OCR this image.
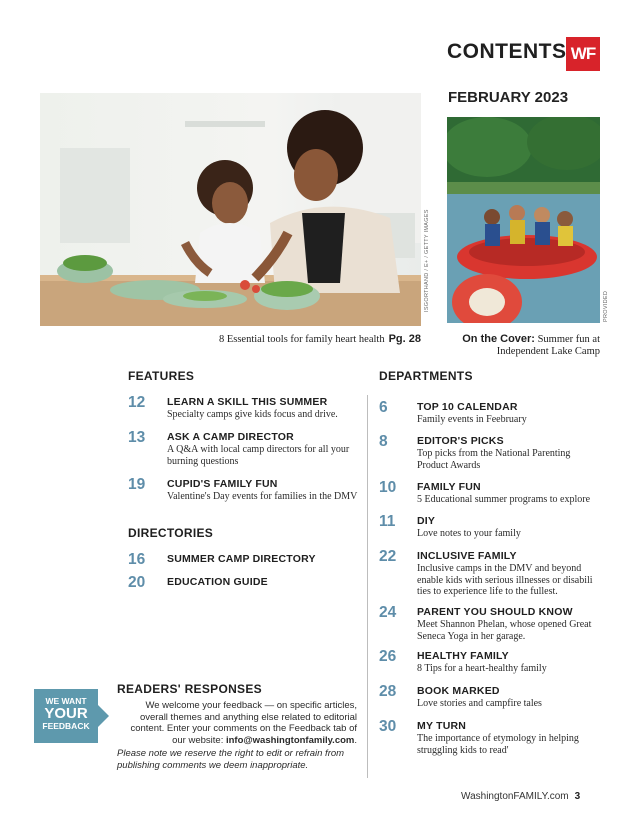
CONTENTS WF
FEBRUARY 2023
ISGORTHAND / E+ / GETTY IMAGES	PROVIDED
8 Essential tools for family heart health Pg. 28	On the Cover: Summer fun at Independent Lake Camp
FEATURES
12 LEARN A SKILL THIS SUMMER
Specialty camps give kids focus and drive.
13 ASK A CAMP DIRECTOR
A Q&A with local camp directors for all your burning questions
19 CUPID'S FAMILY FUN
Valentine's Day events for families in the DMV
DIRECTORIES
16 SUMMER CAMP DIRECTORY
20 EDUCATION GUIDE
DEPARTMENTS
6	TOP 10 CALENDAR
Family events in Feebruary
8	EDITOR'S PICKS
Top picks from the National Parenting Product Awards
10 FAMILY FUN
5 Educational summer programs to explore
11 DIY
Love notes to your family
22 INCLUSIVE FAMILY
Inclusive camps in the DMV and beyond enable kids with serious illnesses or disabili ties to experience life to the fullest.
24 PARENT YOU SHOULD KNOW
Meet Shannon Phelan, whose opened Great Seneca Yoga in her garage.
26 HEALTHY FAMILY
8 Tips for a heart-healthy family
28 BOOK MARKED
Love stories and campfire tales
30 MY TURN
The importance of etymology in helping struggling kids to read'
WE WANT
YOUR
FEEDBACK
READERS' RESPONSES
We welcome your feedback — on specific articles, overall themes and anything else related to editorial content. Enter your comments on the Feedback tab of our website: info@washingtonfamily.com.
Please note we reserve the right to edit or refrain from publishing comments we deem inappropriate.
WashingtonFAMILY.com 3
